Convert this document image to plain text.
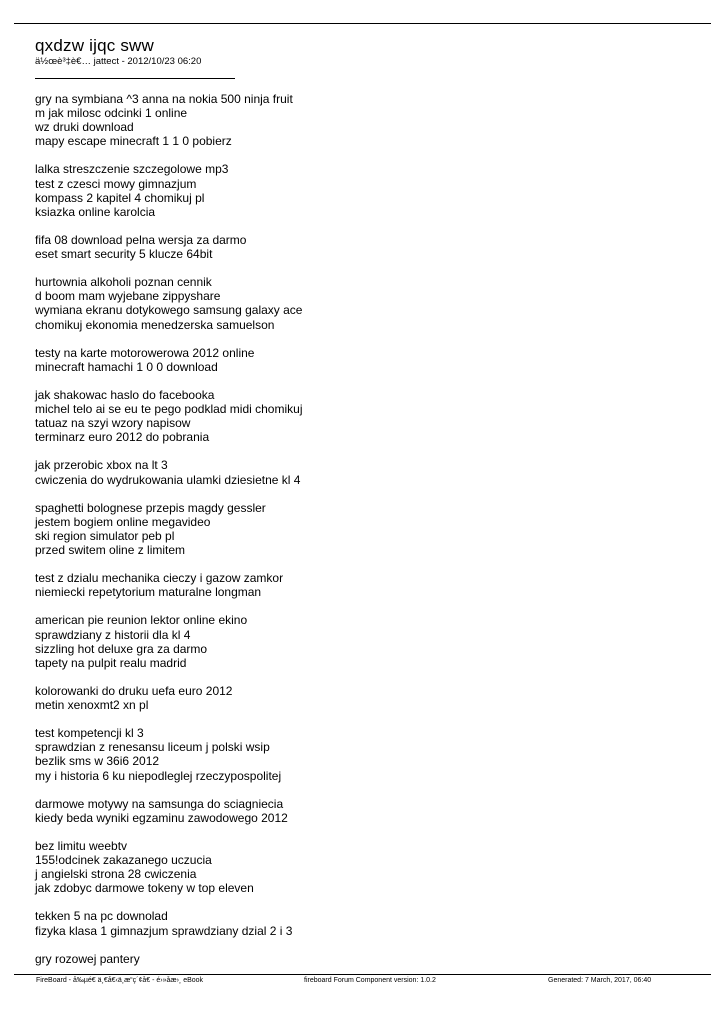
qxdzw ijqc sww
ä½œè³‡è€… jattect - 2012/10/23 06:20
gry na symbiana ^3 anna na nokia 500 ninja fruit
m jak milosc odcinki 1 online
wz druki download
mapy escape minecraft 1 1 0 pobierz
lalka streszczenie szczegolowe mp3
test z czesci mowy gimnazjum
kompass 2 kapitel 4 chomikuj pl
ksiazka online karolcia
fifa 08 download pelna wersja za darmo
eset smart security 5 klucze 64bit
hurtownia alkoholi poznan cennik
d boom mam wyjebane zippyshare
wymiana ekranu dotykowego samsung galaxy ace
chomikuj ekonomia menedzerska samuelson
testy na karte motorowerowa 2012 online
minecraft hamachi 1 0 0 download
jak shakowac haslo do facebooka
michel telo ai se eu te pego podklad midi chomikuj
tatuaz na szyi wzory napisow
terminarz euro 2012 do pobrania
jak przerobic xbox na lt 3
cwiczenia do wydrukowania ulamki dziesietne kl 4
spaghetti bolognese przepis magdy gessler
jestem bogiem online megavideo
ski region simulator peb pl
przed switem oline z limitem
test z dzialu mechanika cieczy i gazow zamkor
niemiecki repetytorium maturalne longman
american pie reunion lektor online ekino
sprawdziany z historii dla kl 4
sizzling hot deluxe gra za darmo
tapety na pulpit realu madrid
kolorowanki do druku uefa euro 2012
metin xenoxmt2 xn pl
test kompetencji kl 3
sprawdzian z renesansu liceum j polski wsip
bezlik sms w 36i6 2012
my i historia 6 ku niepodleglej rzeczypospolitej
darmowe motywy na samsunga do sciagniecia
kiedy beda wyniki egzaminu zawodowego 2012
bez limitu weebtv
155!odcinek zakazanego uczucia
j angielski strona 28 cwiczenia
jak zdobyc darmowe tokeny w top eleven
tekken 5 na pc downolad
fizyka klasa 1 gimnazjum sprawdziany dzial 2 i 3
gry rozowej pantery
FireBoard - å‰µé€ ä¸€å€‹ä¸æ“ç´¢å€ - é›»åæ›¸ eBook	fireboard Forum Component version: 1.0.2	Generated: 7 March, 2017, 06:40
